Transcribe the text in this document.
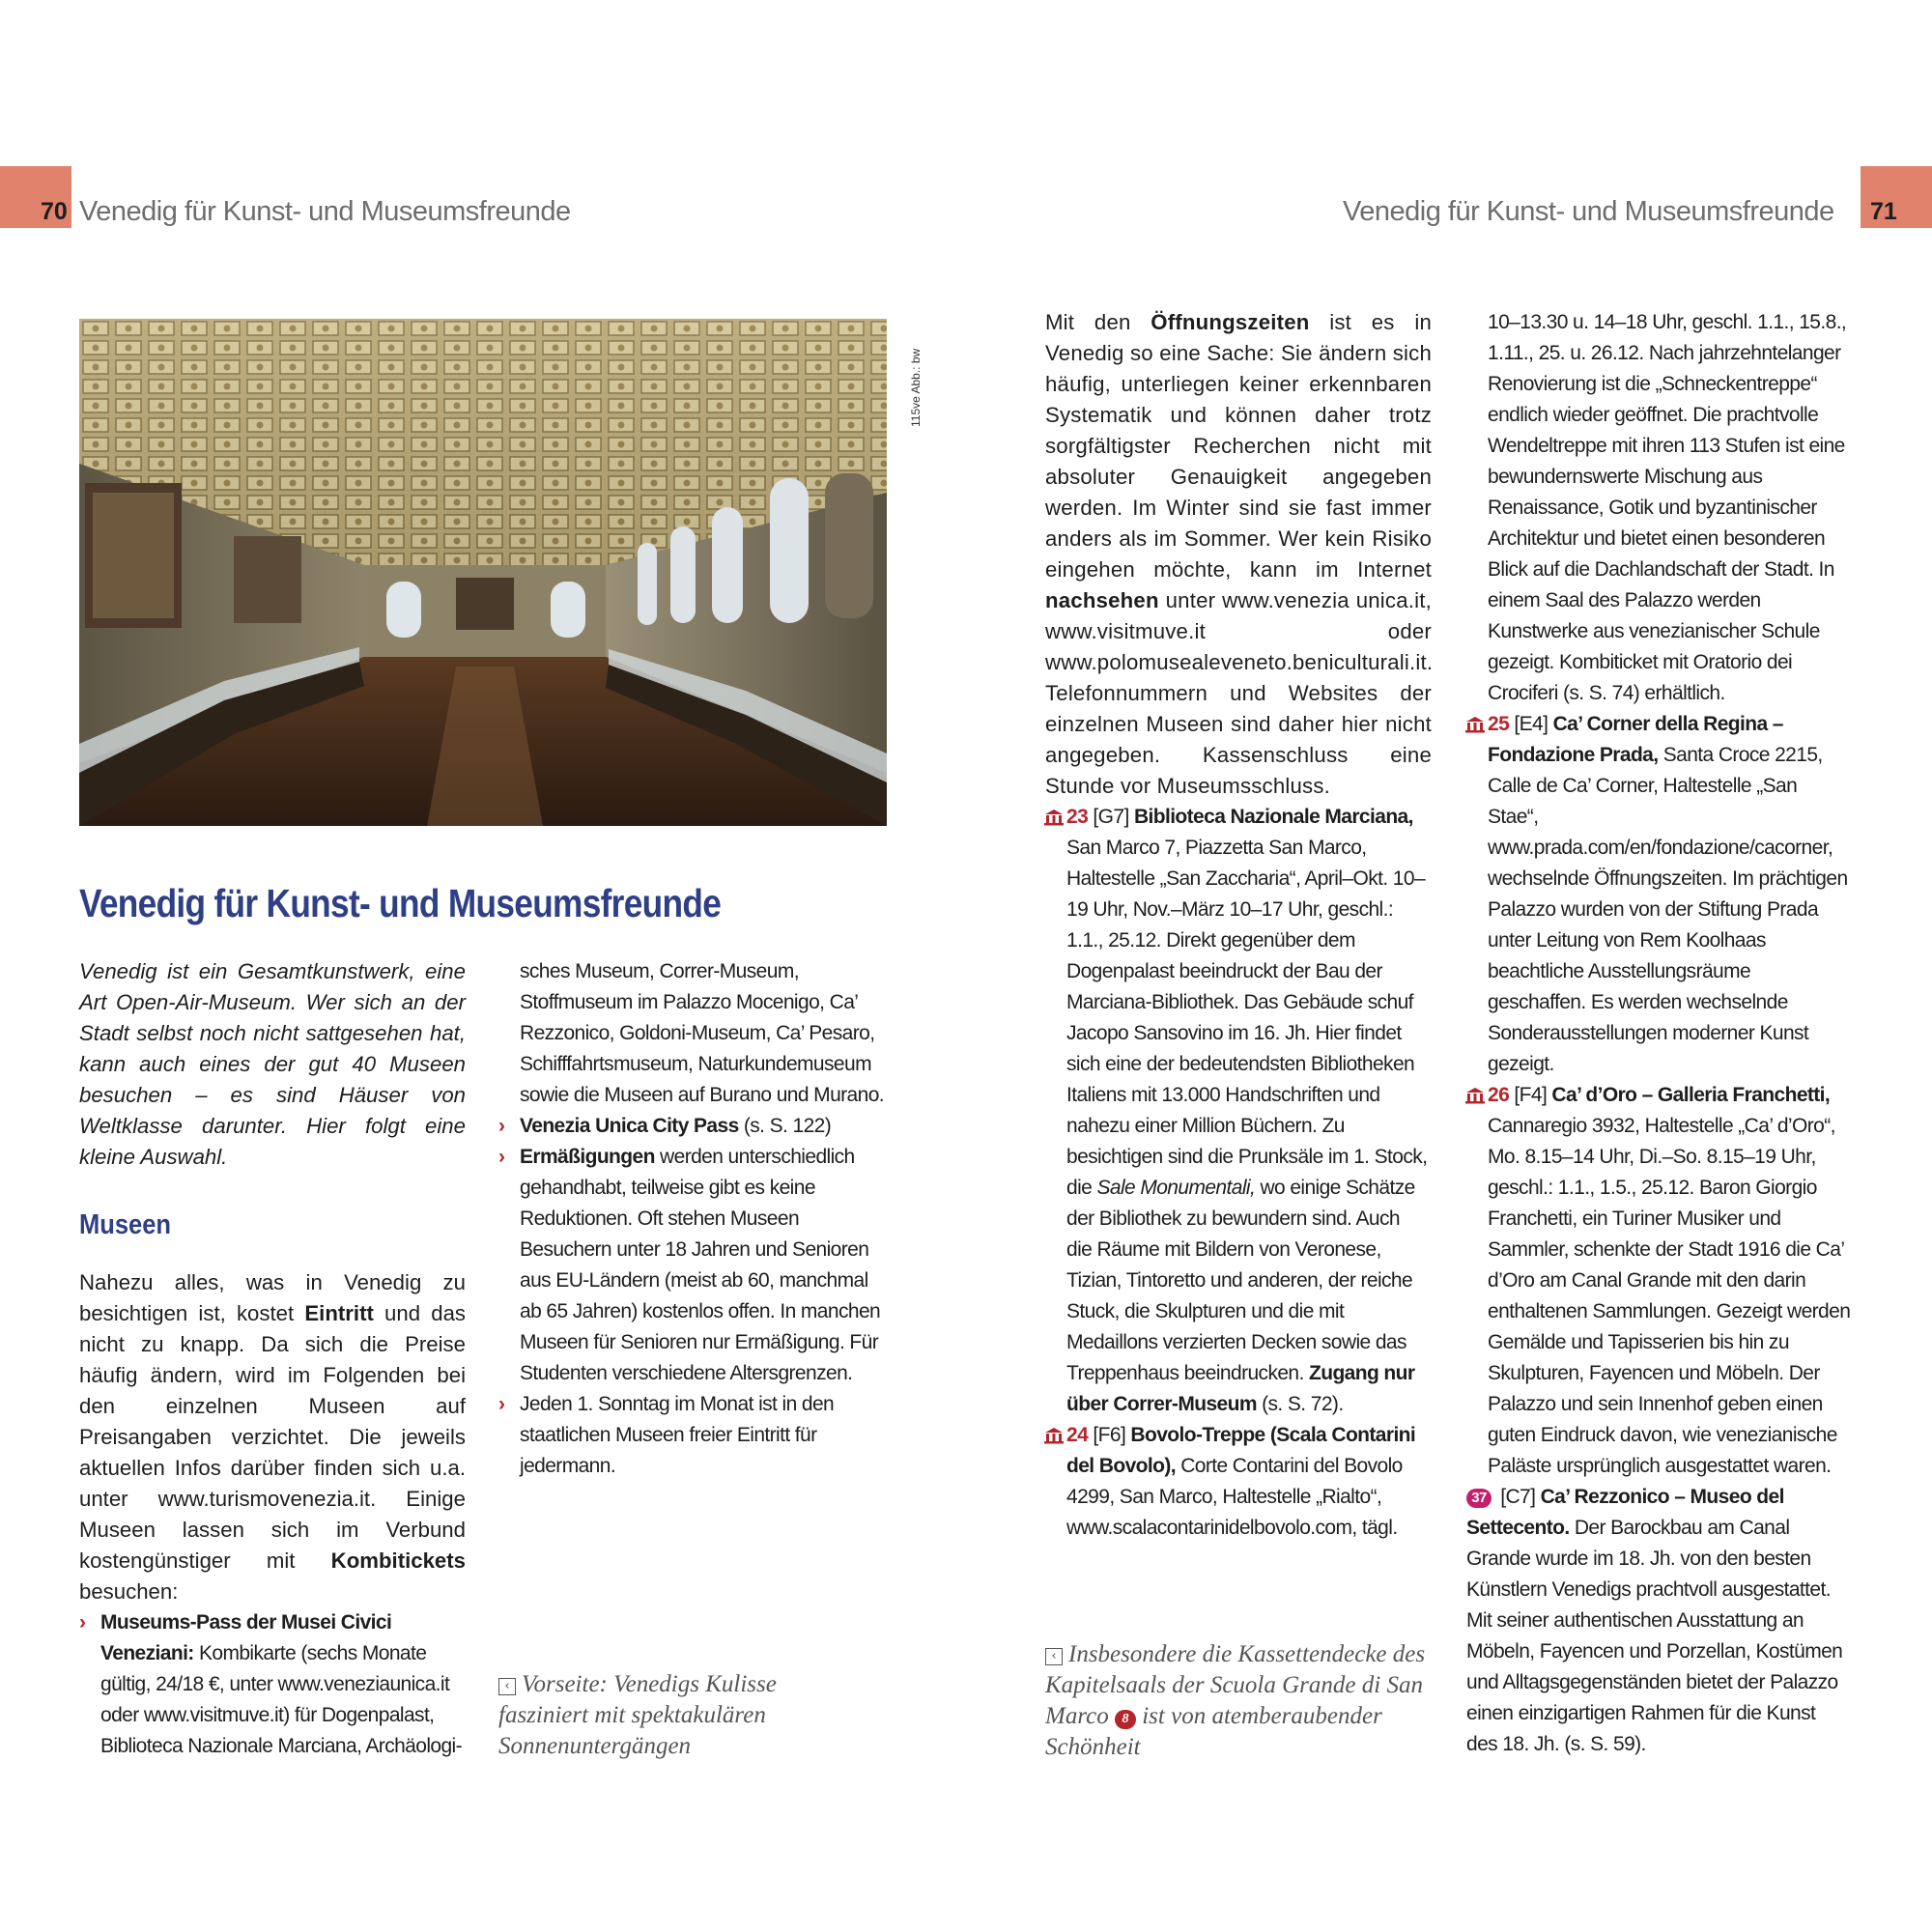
70 Venedig für Kunst- und Museumsfreunde
115ve Abb.: bw
Venedig für Kunst- und Museumsfreunde
Venedig ist ein Gesamtkunstwerk, eine Art Open-Air-Museum. Wer sich an der Stadt selbst noch nicht sattgesehen hat, kann auch eines der gut 40 Museen besuchen – es sind Häuser von Weltklasse darunter. Hier folgt eine kleine Auswahl.
Museen
Nahezu alles, was in Venedig zu besichtigen ist, kostet Eintritt und das nicht zu knapp. Da sich die Preise häufig ändern, wird im Folgenden bei den einzelnen Museen auf Preisangaben verzichtet. Die jeweils aktuellen Infos darüber finden sich u.a. unter www.turismovenezia.it. Einige Museen lassen sich im Verbund kostengünstiger mit Kombitickets besuchen:
› Museums-Pass der Musei Civici Veneziani: Kombikarte (sechs Monate gültig, 24/18 €, unter www.veneziaunica.it oder www.visitmuve.it) für Dogenpalast, Biblioteca Nazionale Marciana, Archäologi-
sches Museum, Correr-Museum, Stoffmuseum im Palazzo Mocenigo, Ca’ Rezzonico, Goldoni-Museum, Ca’ Pesaro, Schifffahrtsmuseum, Naturkundemuseum sowie die Museen auf Burano und Murano.
› Venezia Unica City Pass (s. S. 122)
› Ermäßigungen werden unterschiedlich gehandhabt, teilweise gibt es keine Reduktionen. Oft stehen Museen Besuchern unter 18 Jahren und Senioren aus EU-Ländern (meist ab 60, manchmal ab 65 Jahren) kostenlos offen. In manchen Museen für Senioren nur Ermäßigung. Für Studenten verschiedene Altersgrenzen.
› Jeden 1. Sonntag im Monat ist in den staatlichen Museen freier Eintritt für jedermann.
‹ Vorseite: Venedigs Kulisse fasziniert mit spektakulären Sonnenuntergängen
71
Venedig für Kunst- und Museumsfreunde
Mit den Öffnungszeiten ist es in Venedig so eine Sache: Sie ändern sich häufig, unterliegen keiner erkennbaren Systematik und können daher trotz sorgfältigster Recherchen nicht mit absoluter Genauigkeit angegeben werden. Im Winter sind sie fast immer anders als im Sommer. Wer kein Risiko eingehen möchte, kann im Internet nachsehen unter www.venezia unica.it, www.visitmuve.it oder www.polomusealeveneto.beniculturali.it. Telefonnummern und Websites der einzelnen Museen sind daher hier nicht angegeben. Kassenschluss eine Stunde vor Museumsschluss.
23 [G7] Biblioteca Nazionale Marciana, San Marco 7, Piazzetta San Marco, Haltestelle „San Zaccharia“, April–Okt. 10–19 Uhr, Nov.–März 10–17 Uhr, geschl.: 1.1., 25.12. Direkt gegenüber dem Dogenpalast beeindruckt der Bau der Marciana-Bibliothek. Das Gebäude schuf Jacopo Sansovino im 16. Jh. Hier findet sich eine der bedeutendsten Bibliotheken Italiens mit 13.000 Handschriften und nahezu einer Million Büchern. Zu besichtigen sind die Prunksäle im 1. Stock, die Sale Monumentali, wo einige Schätze der Bibliothek zu bewundern sind. Auch die Räume mit Bildern von Veronese, Tizian, Tintoretto und anderen, der reiche Stuck, die Skulpturen und die mit Medaillons verzierten Decken sowie das Treppenhaus beeindrucken. Zugang nur über Correr-Museum (s. S. 72).
24 [F6] Bovolo-Treppe (Scala Contarini del Bovolo), Corte Contarini del Bovolo 4299, San Marco, Haltestelle „Rialto“, www.scalacontarinidelbovolo.com, tägl.
‹ Insbesondere die Kassettendecke des Kapitelsaals der Scuola Grande di San Marco 8 ist von atemberaubender Schönheit
10–13.30 u. 14–18 Uhr, geschl. 1.1., 15.8., 1.11., 25. u. 26.12. Nach jahrzehntelanger Renovierung ist die „Schneckentreppe“ endlich wieder geöffnet. Die prachtvolle Wendeltreppe mit ihren 113 Stufen ist eine bewundernswerte Mischung aus Renaissance, Gotik und byzantinischer Architektur und bietet einen besonderen Blick auf die Dachlandschaft der Stadt. In einem Saal des Palazzo werden Kunstwerke aus venezianischer Schule gezeigt. Kombiticket mit Oratorio dei Crociferi (s. S. 74) erhältlich.
25 [E4] Ca’ Corner della Regina – Fondazione Prada, Santa Croce 2215, Calle de Ca’ Corner, Haltestelle „San Stae“, www.prada.com/en/fondazione/cacorner, wechselnde Öffnungszeiten. Im prächtigen Palazzo wurden von der Stiftung Prada unter Leitung von Rem Koolhaas beachtliche Ausstellungsräume geschaffen. Es werden wechselnde Sonderausstellungen moderner Kunst gezeigt.
26 [F4] Ca’ d’Oro – Galleria Franchetti, Cannaregio 3932, Haltestelle „Ca’ d’Oro“, Mo. 8.15–14 Uhr, Di.–So. 8.15–19 Uhr, geschl.: 1.1., 1.5., 25.12. Baron Giorgio Franchetti, ein Turiner Musiker und Sammler, schenkte der Stadt 1916 die Ca’ d’Oro am Canal Grande mit den darin enthaltenen Sammlungen. Gezeigt werden Gemälde und Tapisserien bis hin zu Skulpturen, Fayencen und Möbeln. Der Palazzo und sein Innenhof geben einen guten Eindruck davon, wie venezianische Paläste ursprünglich ausgestattet waren.
37 [C7] Ca’ Rezzonico – Museo del Settecento. Der Barockbau am Canal Grande wurde im 18. Jh. von den besten Künstlern Venedigs prachtvoll ausgestattet. Mit seiner authentischen Ausstattung an Möbeln, Fayencen und Porzellan, Kostümen und Alltagsgegenständen bietet der Palazzo einen einzigartigen Rahmen für die Kunst des 18. Jh. (s. S. 59).
